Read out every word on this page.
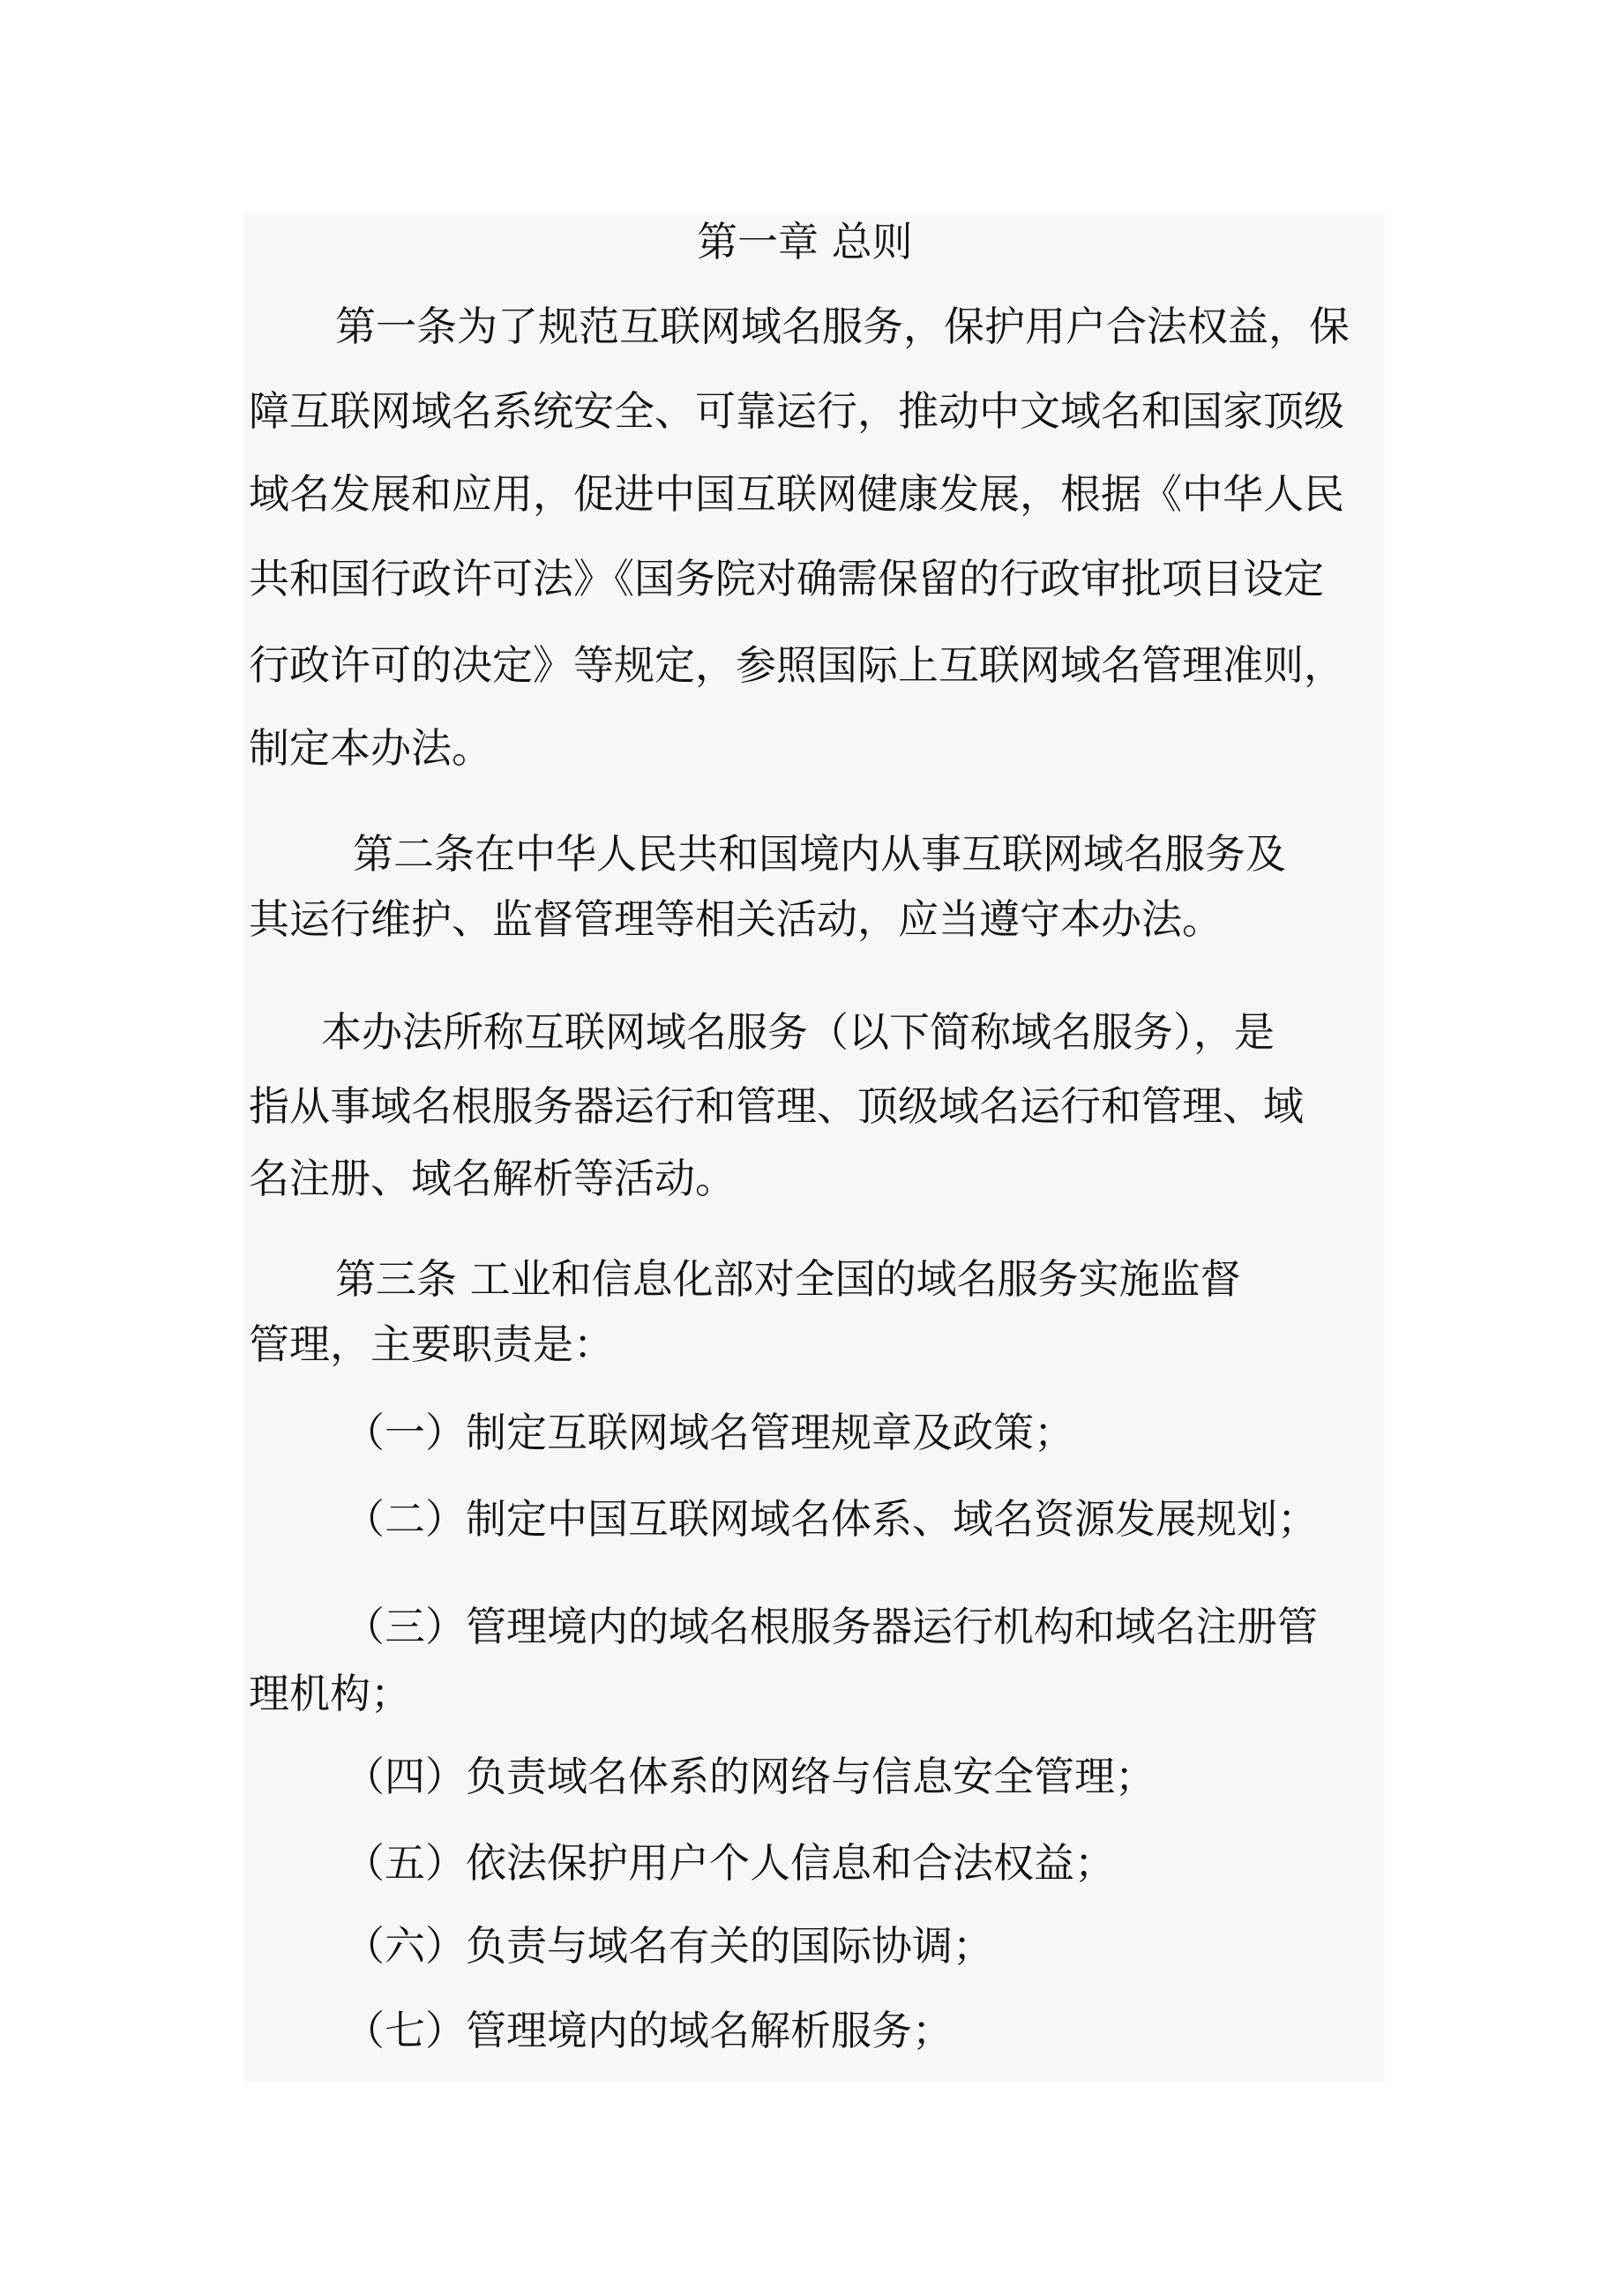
第一章 总则
第一条为了规范互联网域名服务，保护用户合法权益，保
障互联网域名系统安全、可靠运行，推动中文域名和国家顶级
域名发展和应用，促进中国互联网健康发展，根据《中华人民
共和国行政许可法》《国务院对确需保留的行政审批项目设定
行政许可的决定》等规定，参照国际上互联网域名管理准则，
制定本办法。
第二条在中华人民共和国境内从事互联网域名服务及
其运行维护、监督管理等相关活动，应当遵守本办法。
本办法所称互联网域名服务（以下简称域名服务），是
指从事域名根服务器运行和管理、顶级域名运行和管理、域
名注册、域名解析等活动。
第三条 工业和信息化部对全国的域名服务实施监督
管理，主要职责是：
（一）制定互联网域名管理规章及政策；
（二）制定中国互联网域名体系、域名资源发展规划；
（三）管理境内的域名根服务器运行机构和域名注册管
理机构；
（四）负责域名体系的网络与信息安全管理；
（五）依法保护用户个人信息和合法权益；
（六）负责与域名有关的国际协调；
（七）管理境内的域名解析服务；
